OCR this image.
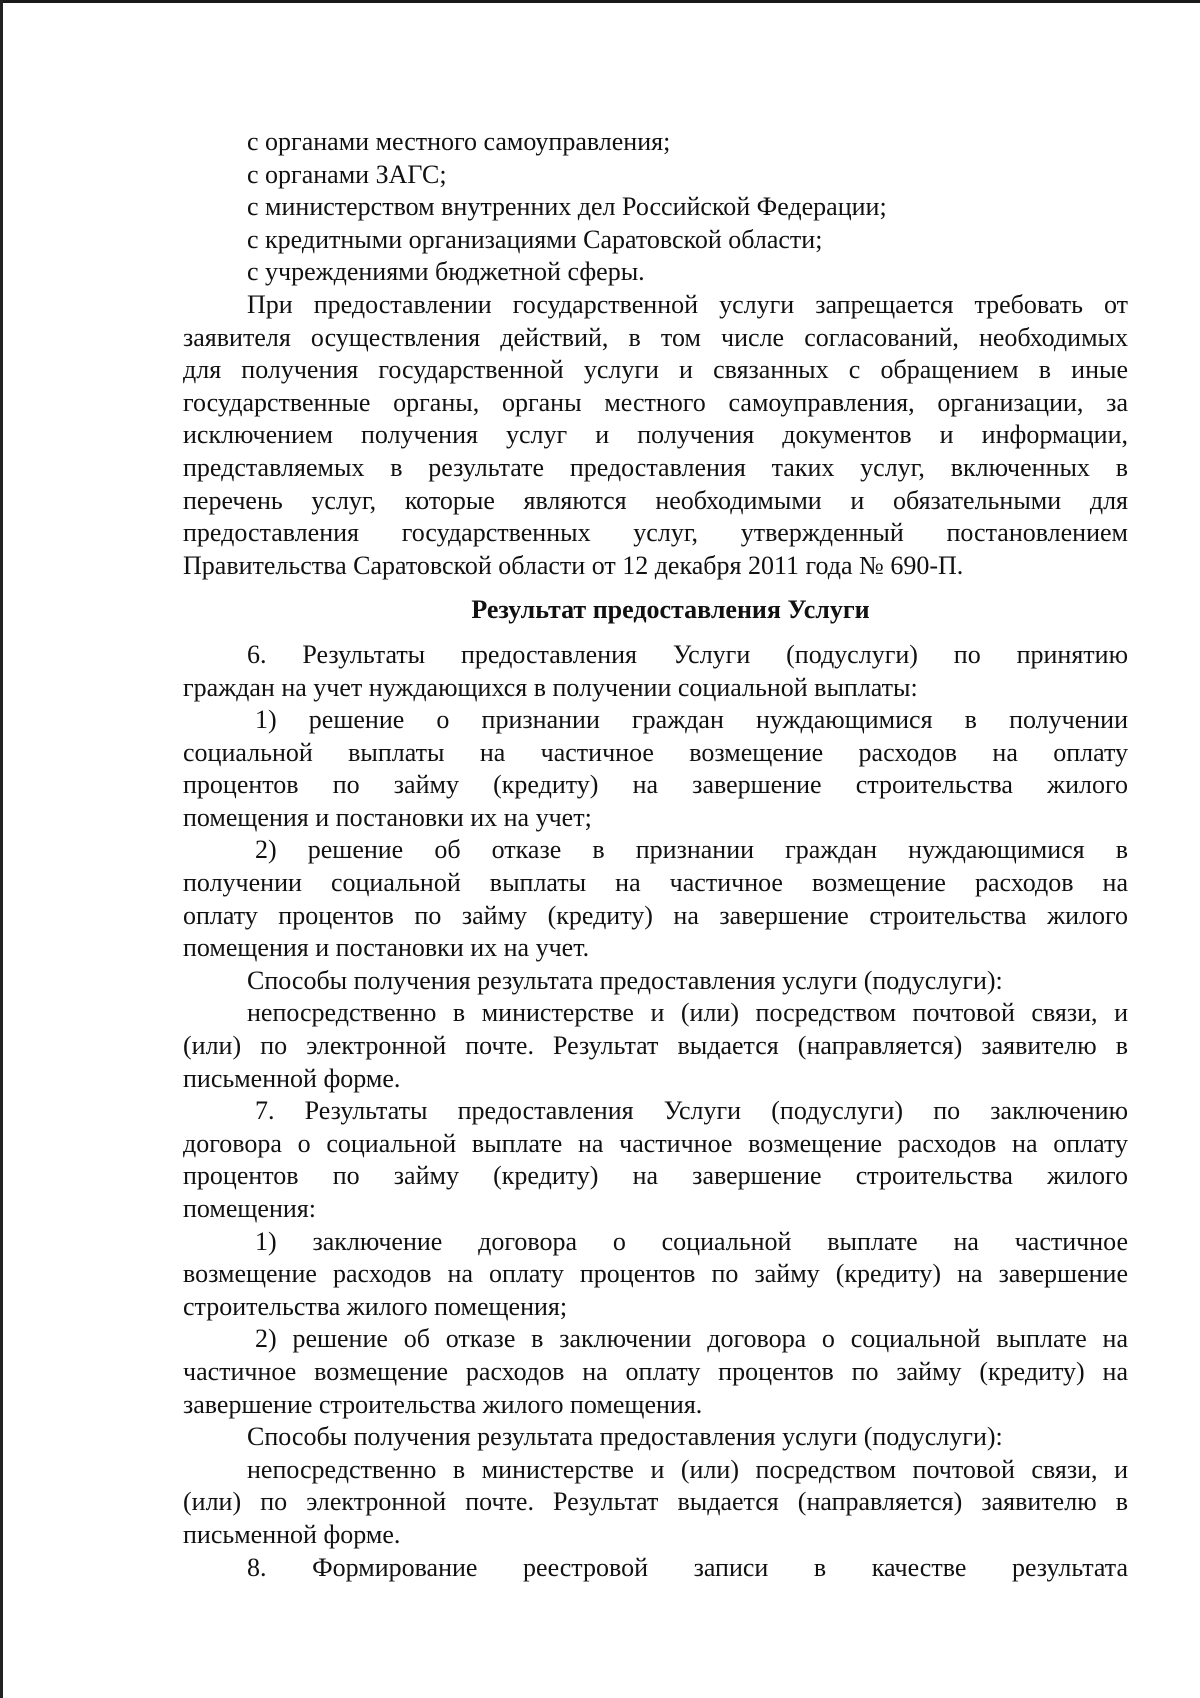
с органами местного самоуправления;
с органами ЗАГС;
с министерством внутренних дел Российской Федерации;
с кредитными организациями Саратовской области;
с учреждениями бюджетной сферы.
При предоставлении государственной услуги запрещается требовать от
заявителя осуществления действий, в том числе согласований, необходимых
для получения государственной услуги и связанных с обращением в иные
государственные органы, органы местного самоуправления, организации, за
исключением получения услуг и получения документов и информации,
представляемых в результате предоставления таких услуг, включенных в
перечень услуг, которые являются необходимыми и обязательными для
предоставления государственных услуг, утвержденный постановлением
Правительства Саратовской области от 12 декабря 2011 года № 690-П.
Результат предоставления Услуги
6. Результаты предоставления Услуги (подуслуги) по принятию
граждан на учет нуждающихся в получении социальной выплаты:
1) решение о признании граждан нуждающимися в получении
социальной выплаты на частичное возмещение расходов на оплату
процентов по займу (кредиту) на завершение строительства жилого
помещения и постановки их на учет;
2) решение об отказе в признании граждан нуждающимися в
получении социальной выплаты на частичное возмещение расходов на
оплату процентов по займу (кредиту) на завершение строительства жилого
помещения и постановки их на учет.
Способы получения результата предоставления услуги (подуслуги):
непосредственно в министерстве и (или) посредством почтовой связи, и
(или) по электронной почте. Результат выдается (направляется) заявителю в
письменной форме.
7. Результаты предоставления Услуги (подуслуги) по заключению
договора о социальной выплате на частичное возмещение расходов на оплату
процентов по займу (кредиту) на завершение строительства жилого
помещения:
1) заключение договора о социальной выплате на частичное
возмещение расходов на оплату процентов по займу (кредиту) на завершение
строительства жилого помещения;
2) решение об отказе в заключении договора о социальной выплате на
частичное возмещение расходов на оплату процентов по займу (кредиту) на
завершение строительства жилого помещения.
Способы получения результата предоставления услуги (подуслуги):
непосредственно в министерстве и (или) посредством почтовой связи, и
(или) по электронной почте. Результат выдается (направляется) заявителю в
письменной форме.
8. Формирование реестровой записи в качестве результата
